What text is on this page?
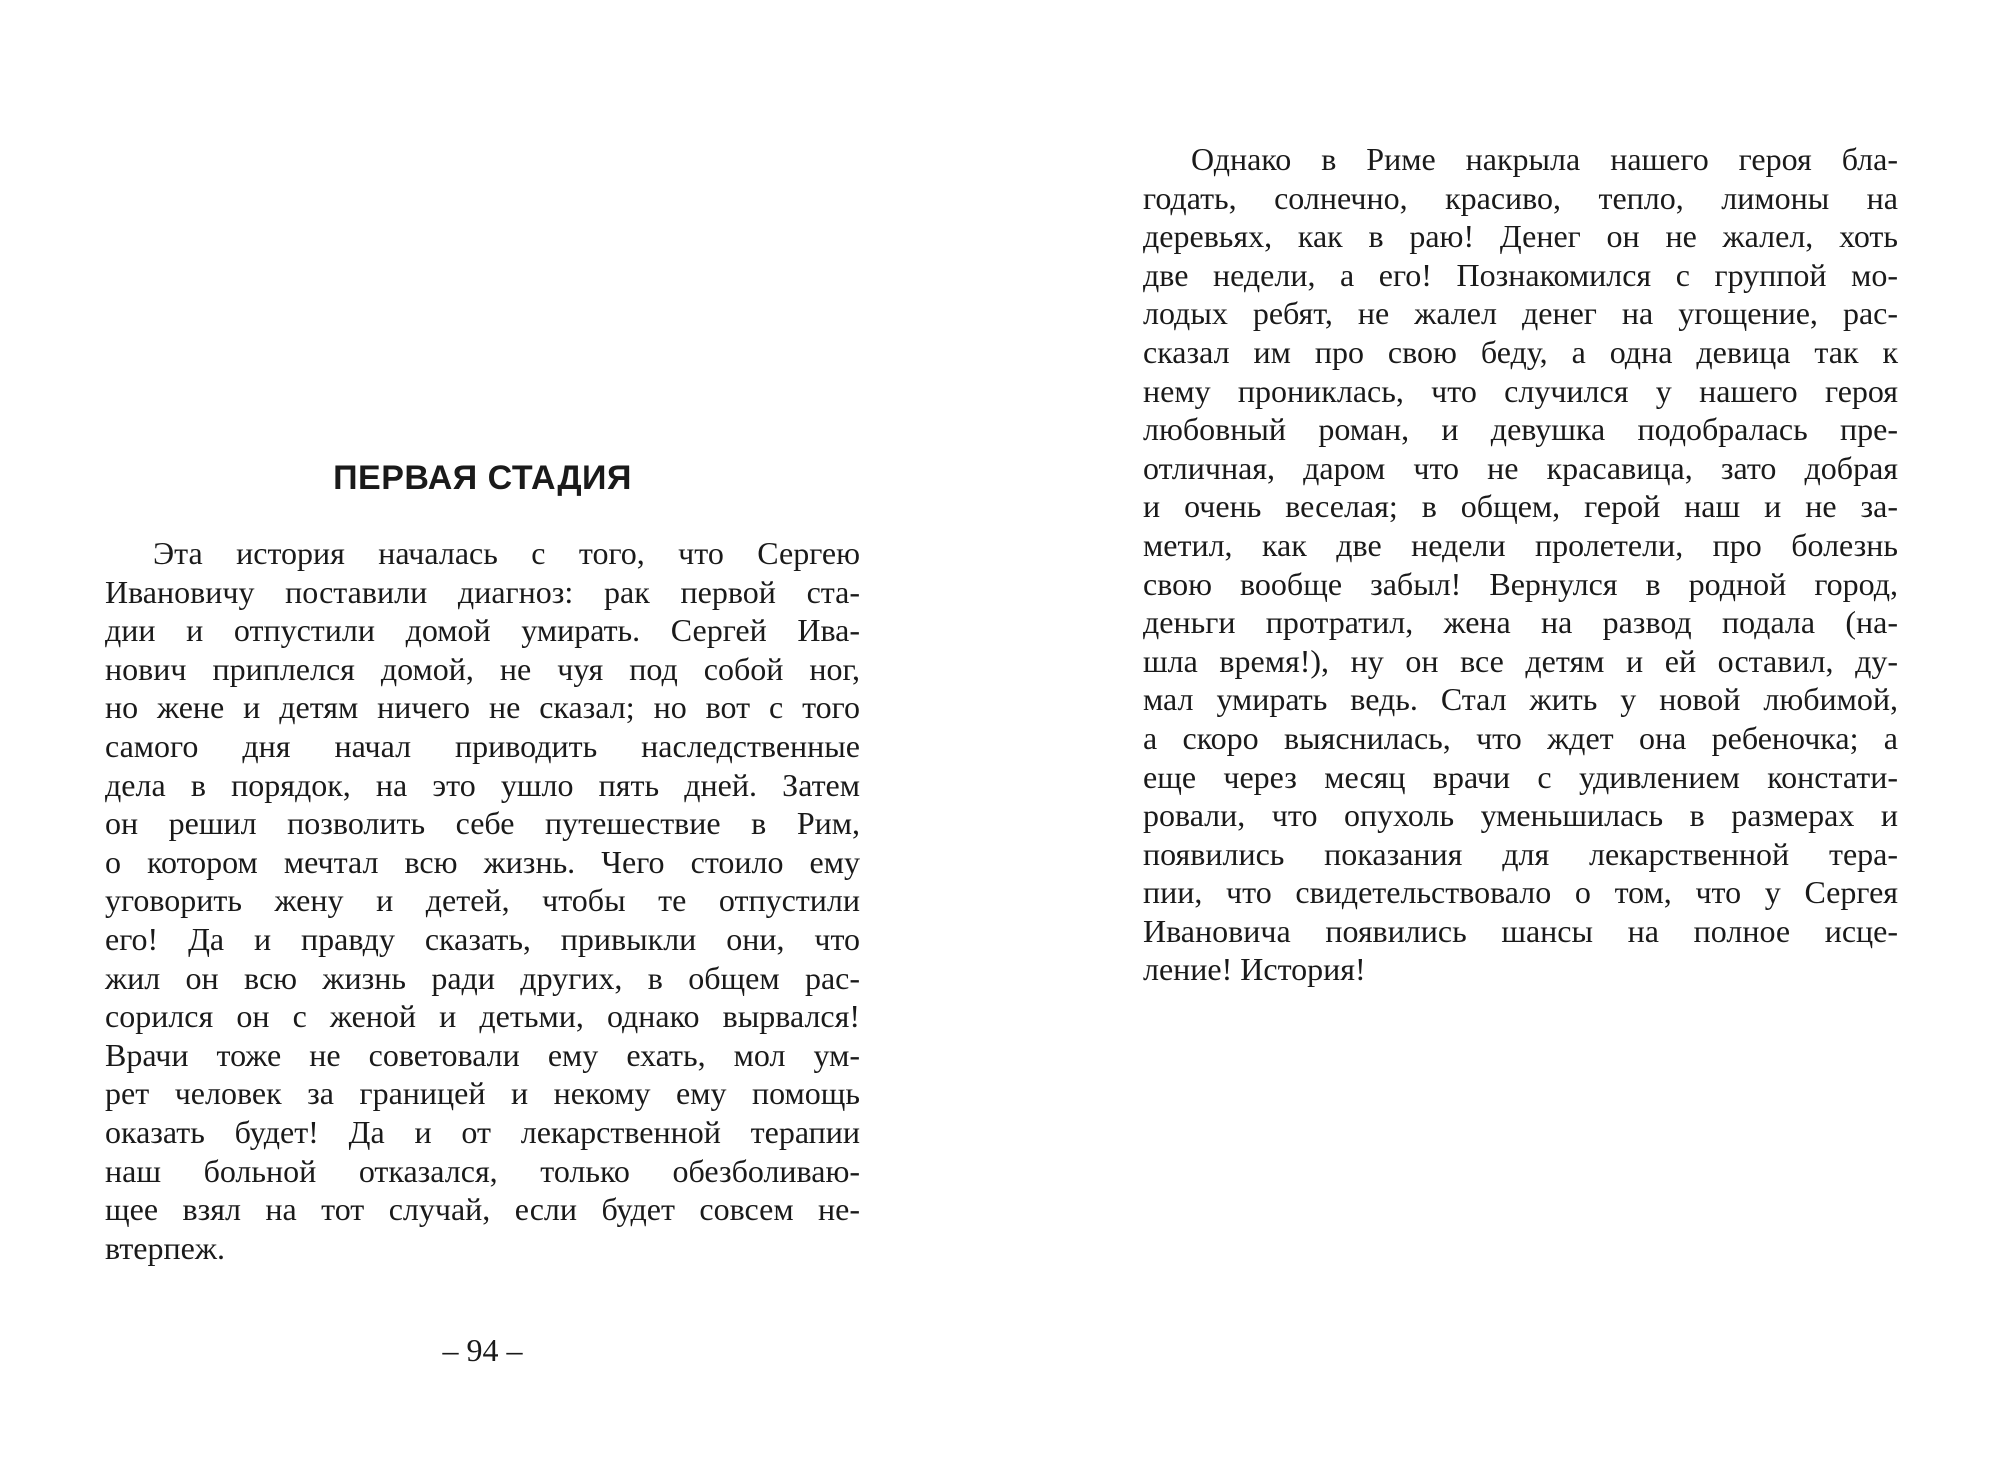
ПЕРВАЯ СТАДИЯ
Эта история началась с того, что Сергею
Ивановичу поставили диагноз: рак первой ста-
дии и отпустили домой умирать. Сергей Ива-
нович приплелся домой, не чуя под собой ног,
но жене и детям ничего не сказал; но вот с того
самого дня начал приводить наследственные
дела в порядок, на это ушло пять дней. Затем
он решил позволить себе путешествие в Рим,
о котором мечтал всю жизнь. Чего стоило ему
уговорить жену и детей, чтобы те отпустили
его! Да и правду сказать, привыкли они, что
жил он всю жизнь ради других, в общем рас-
сорился он с женой и детьми, однако вырвался!
Врачи тоже не советовали ему ехать, мол ум-
рет человек за границей и некому ему помощь
оказать будет! Да и от лекарственной терапии
наш больной отказался, только обезболиваю-
щее взял на тот случай, если будет совсем не-
втерпеж.
– 94 –
Однако в Риме накрыла нашего героя бла-
годать, солнечно, красиво, тепло, лимоны на
деревьях, как в раю! Денег он не жалел, хоть
две недели, а его! Познакомился с группой мо-
лодых ребят, не жалел денег на угощение, рас-
сказал им про свою беду, а одна девица так к
нему прониклась, что случился у нашего героя
любовный роман, и девушка подобралась пре-
отличная, даром что не красавица, зато добрая
и очень веселая; в общем, герой наш и не за-
метил, как две недели пролетели, про болезнь
свою вообще забыл! Вернулся в родной город,
деньги протратил, жена на развод подала (на-
шла время!), ну он все детям и ей оставил, ду-
мал умирать ведь. Стал жить у новой любимой,
а скоро выяснилась, что ждет она ребеночка; а
еще через месяц врачи с удивлением констати-
ровали, что опухоль уменьшилась в размерах и
появились показания для лекарственной тера-
пии, что свидетельствовало о том, что у Сергея
Ивановича появились шансы на полное исце-
ление! История!
